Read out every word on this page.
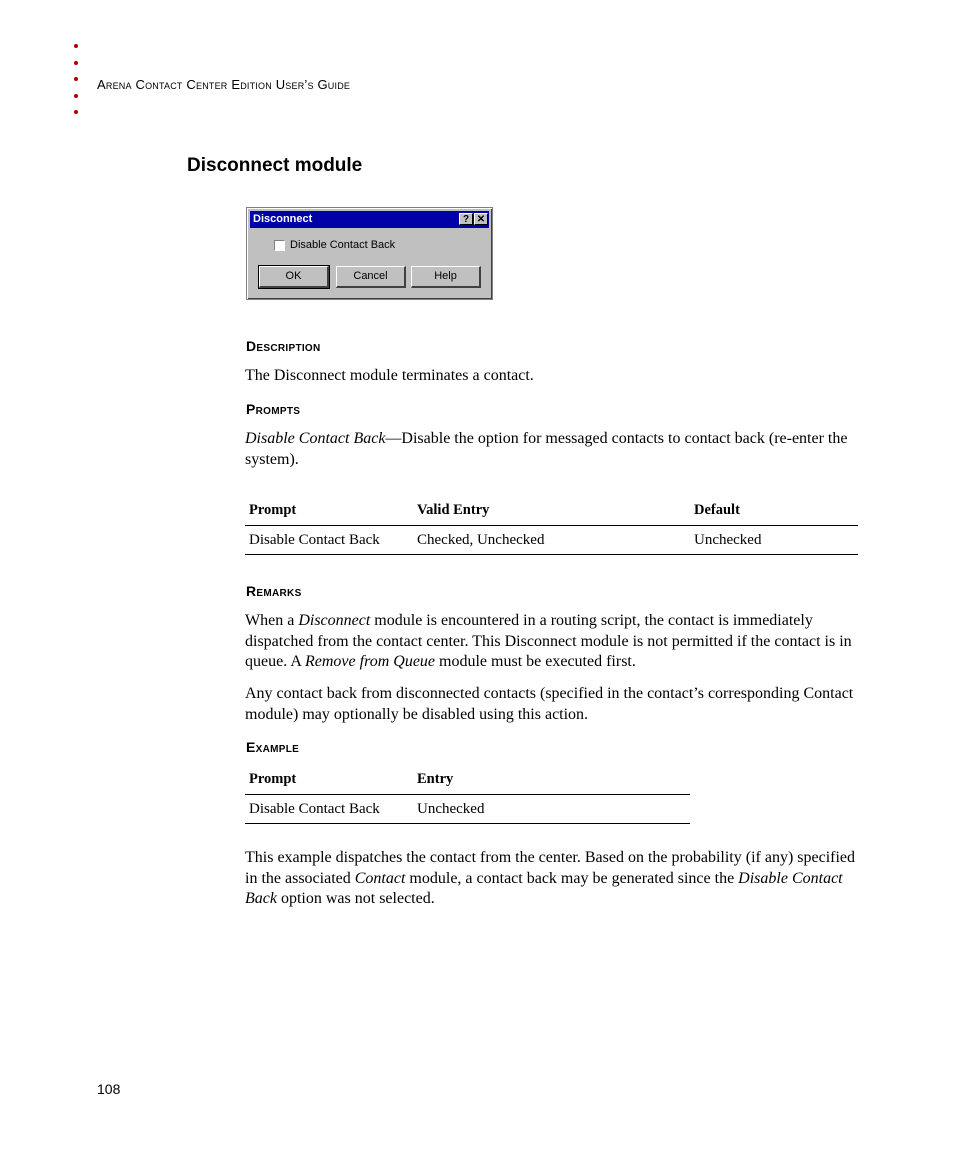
Arena Contact Center Edition User’s Guide
Disconnect module
Disconnect	? ✕
Disable Contact Back
OK	Cancel	Help
Description

The Disconnect module terminates a contact.

Prompts

Disable Contact Back—Disable the option for messaged contacts to contact back (re-enter the system).

Prompt	Valid Entry	Default
Disable Contact Back	Checked, Unchecked	Unchecked
Remarks

When a Disconnect module is encountered in a routing script, the contact is immediately dispatched from the contact center. This Disconnect module is not permitted if the contact is in queue. A Remove from Queue module must be executed first.

Any contact back from disconnected contacts (specified in the contact’s corresponding Contact module) may optionally be disabled using this action.

Example
Prompt	Entry
Disable Contact Back	Unchecked

This example dispatches the contact from the center. Based on the probability (if any) specified in the associated Contact module, a contact back may be generated since the Disable Contact Back option was not selected.

108
